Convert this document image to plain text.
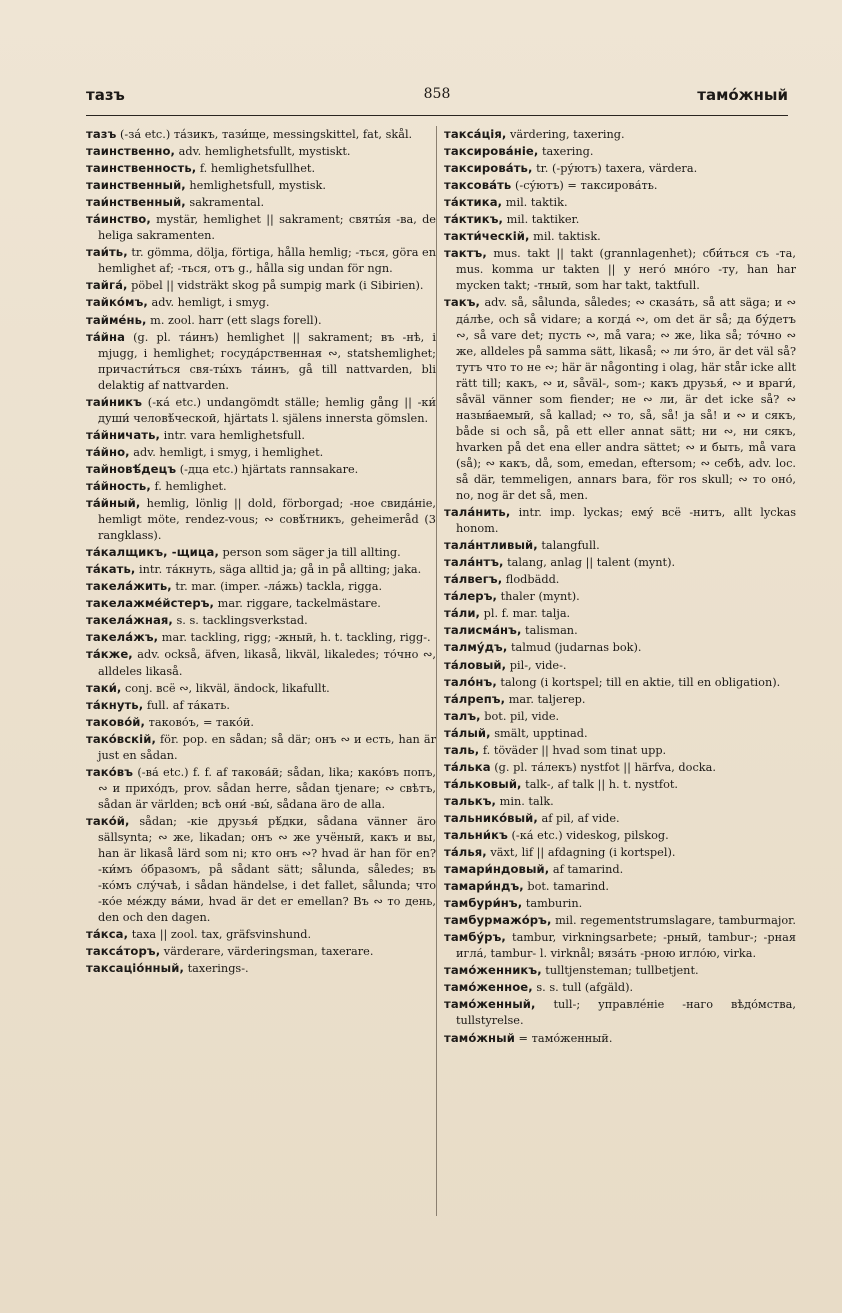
тазъ	858	тамо́жный

тазъ (-зá etc.) тáзикъ, тази́ще, messingskittel, fat, skål.

таинственно, adv. hemlighetsfullt, mystiskt.

таинственность, f. hemlighetsfullhet.

таинственный, hemlighetsfull, mystisk.

таи́нственный, sakramental.

та́инство, mystär, hemlighet || sakrament; святы́я -ва, de heliga sakramenten.

таи́ть, tr. gömma, dölja, förtiga, hålla hemlig; -ться, göra en hemlighet af; -ться, отъ g., hålla sig undan för ngn.

тайга́, pöbel || vidsträkt skog på sumpig mark (i Sibirien).

тайко́мъ, adv. hemligt, i smyg.

таймéнь, m. zool. harr (ett slags forell).

та́йна (g. pl. та́инъ) hemlighet || sakrament; въ -нѣ, i mjugg, i hemlighet; госуда́рственная ∾, statshemlighet; причасти́ться свя-ты́хъ та́инъ, gå till nattvarden, bli delaktig af nattvarden.

таи́никъ (-кá etc.) undangömdt ställe; hemlig gång || -ки́ души́ человѣ́ческой, hjärtats l. själens innersta gömslen.

та́йничать, intr. vara hemlighetsfull.

та́йно, adv. hemligt, i smyg, i hemlighet.

тайновѣ́децъ (-дца etc.) hjärtats rannsakare.

та́йность, f. hemlighet.

та́йный, hemlig, lönlig || dold, förborgad; -ное свида́ніе, hemligt möte, rendez-vous; ∾ совѣ́тникъ, geheimeråd (3 rangklass).

та́калщикъ, -щица, person som säger ja till allting.

та́кать, intr. та́кнуть, säga alltid ja; gå in på allting; jaka.

такела́жить, tr. mar. (imper. -ла́жь) tackla, rigga.

такелажме́йстеръ, mar. riggare, tackelmästare.

такела́жная, s. s. tacklingsverkstad.

такела́жъ, mar. tackling, rigg; -жный, h. t. tackling, rigg-.

та́кже, adv. också, äfven, likaså, likväl, likaledes; то́чно ∾, alldeles likaså.

таки́, conj. всё ∾, likväl, ändock, likafullt.

та́кнуть, full. af та́кать.

таково́й, таково́ъ, = тако́й.

тако́вскій, för. pop. en sådan; så där; онъ ∾ и есть, han är just en sådan.

тако́въ (-ва́ etc.) f. f. af такова́й; sådan, lika; како́въ попъ, ∾ и прихо́дъ, prov. sådan herre, sådan tjenare; ∾ свѣтъ, sådan är världen; всѣ они́ -вы́, sådana äro de alla.

тако́й, sådan; -кіе друзья́ рѣ́дки, sådana vänner äro sällsynta; ∾ же, likadan; онъ ∾ же учёный, какъ и вы, han är likaså lärd som ni; кто онъ ∾? hvad är han för en? -ки́мъ о́бразомъ, på sådant sätt; sålunda, således; въ -ко́мъ слу́чаѣ, i sådan händelse, i det fallet, sålunda; что -ко́е мéжду ва́ми, hvad är det er emellan? Въ ∾ то день, den och den dagen.

та́кса, taxa || zool. tax, gräfsvinshund.

такса́торъ, värderare, värderingsman, taxerare.

таксаціо́нный, taxerings-.

такса́ція, värdering, taxering.

таксирова́ніе, taxering.

таксирова́ть, tr. (-ру́ютъ) taxera, värdera.

таксова́ть (-су́ютъ) = таксирова́ть.

та́ктика, mil. taktik.

та́ктикъ, mil. taktiker.

такти́ческій, mil. taktisk.

тактъ, mus. takt || takt (grannlagenhet); сби́ться съ -та, mus. komma ur takten || у него́ мно́го -ту, han har mycken takt; -тный, som har takt, taktfull.

такъ, adv. så, sålunda, således; ∾ сказа́ть, så att säga; и ∾ да́лѣе, och så vidare; а когда́ ∾, om det är så; да бу́детъ ∾, så vare det; пусть ∾, må vara; ∾ же, lika så; то́чно ∾ же, alldeles på samma sätt, likaså; ∾ ли э́то, är det väl så? тутъ что то не ∾; här är någonting i olag, här står icke allt rätt till; какъ, ∾ и, såväl-, som-; какъ друзья́, ∾ и враги́, såväl vänner som fiender; не ∾ ли, är det icke så? ∾ назыв́аемый, så kallad; ∾ то, så, så! ja så! и ∾ и сякъ, både si och så, på ett eller annat sätt; ни ∾, ни сякъ, hvarken på det ena eller andra sättet; ∾ и быть, må vara (så); ∾ какъ, då, som, emedan, eftersom; ∾ себѣ, adv. loc. så där, temmeligen, annars bara, för ros skull; ∾ то оно́, no, nog är det så, men.

тала́нить, intr. imp. lyckas; ему́ всё -нитъ, allt lyckas honom.

тала́нтливый, talangfull.

тала́нтъ, talang, anlag || talent (mynt).

та́лвегъ, flodbädd.

та́леръ, thaler (mynt).

та́ли, pl. f. mar. talja.

талисма́нъ, talisman.

талму́дъ, talmud (judarnas bok).

та́ловый, pil-, vide-.

тало́нъ, talong (i kortspel; till en aktie, till en obligation).

та́лрепъ, mar. taljerep.

талъ, bot. pil, vide.

та́лый, smält, upptinad.

таль, f. töväder || hvad som tinat upp.

та́лька (g. pl. та́лекъ) nystfot || härfva, docka.

та́льковый, talk-, af talk || h. t. nystfot.

талькъ, min. talk.

тальнико́вый, af pil, af vide.

тальни́къ (-кá etc.) videskog, pilskog.

та́лья, växt, lif || afdagning (i kortspel).

тамари́ндовый, af tamarind.

тамари́ндъ, bot. tamarind.

тамбури́нъ, tamburin.

тамбурмажо́ръ, mil. regementstrumslagare, tamburmajor.

тамбу́ръ, tambur, virkningsarbete; -рный, tambur-; -рная игла́, tambur- l. virknål; вяза́ть -рною игло́ю, virka.

тамо́женникъ, tulltjensteman; tullbetjent.

тамо́женное, s. s. tull (afgäld).

тамо́женный, tull-; управлéніе -наго вѣдо́мства, tullstyrelse.

тамо́жный = тамо́женный.
